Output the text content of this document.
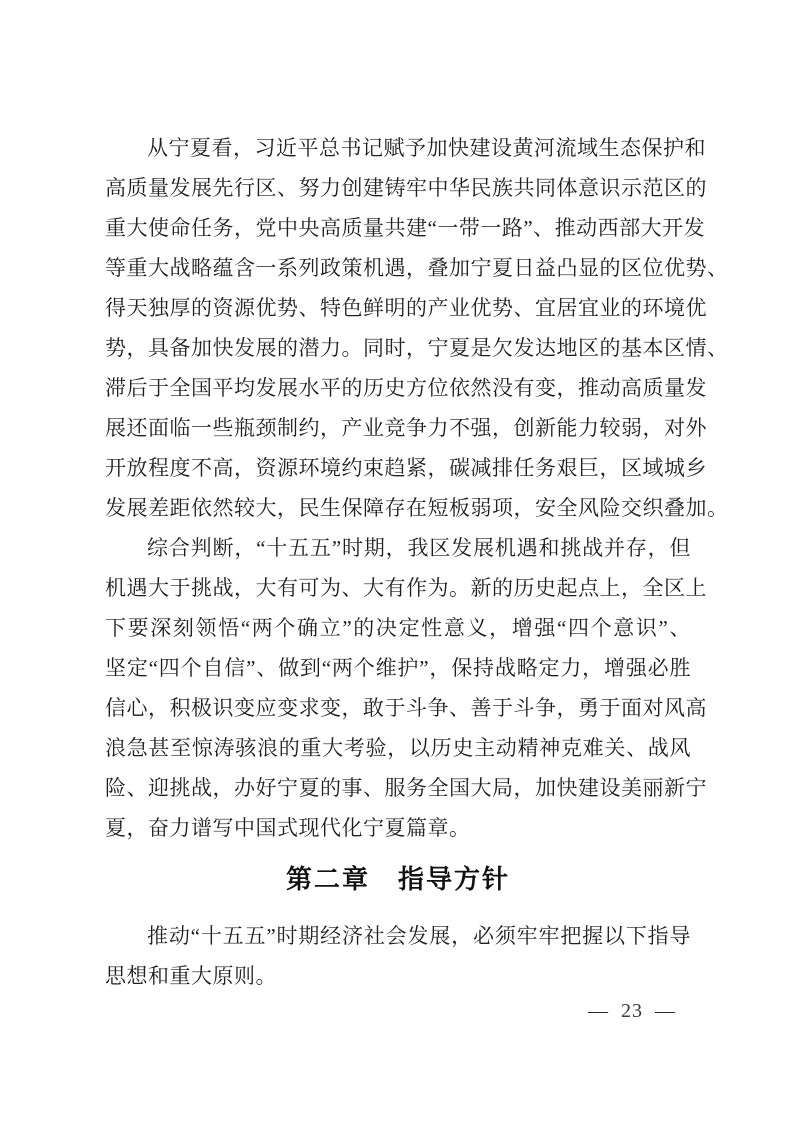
从宁夏看，习近平总书记赋予加快建设黄河流域生态保护和
高质量发展先行区、努力创建铸牢中华民族共同体意识示范区的
重大使命任务，党中央高质量共建“一带一路”、推动西部大开发
等重大战略蕴含一系列政策机遇，叠加宁夏日益凸显的区位优势、
得天独厚的资源优势、特色鲜明的产业优势、宜居宜业的环境优
势，具备加快发展的潜力。同时，宁夏是欠发达地区的基本区情、
滞后于全国平均发展水平的历史方位依然没有变，推动高质量发
展还面临一些瓶颈制约，产业竞争力不强，创新能力较弱，对外
开放程度不高，资源环境约束趋紧，碳减排任务艰巨，区域城乡
发展差距依然较大，民生保障存在短板弱项，安全风险交织叠加。
综合判断，“十五五”时期，我区发展机遇和挑战并存，但
机遇大于挑战，大有可为、大有作为。新的历史起点上，全区上
下要深刻领悟“两个确立”的决定性意义，增强“四个意识”、
坚定“四个自信”、做到“两个维护”，保持战略定力，增强必胜
信心，积极识变应变求变，敢于斗争、善于斗争，勇于面对风高
浪急甚至惊涛骇浪的重大考验，以历史主动精神克难关、战风
险、迎挑战，办好宁夏的事、服务全国大局，加快建设美丽新宁
夏，奋力谱写中国式现代化宁夏篇章。
第二章　指导方针
推动“十五五”时期经济社会发展，必须牢牢把握以下指导
思想和重大原则。
— 23 —
